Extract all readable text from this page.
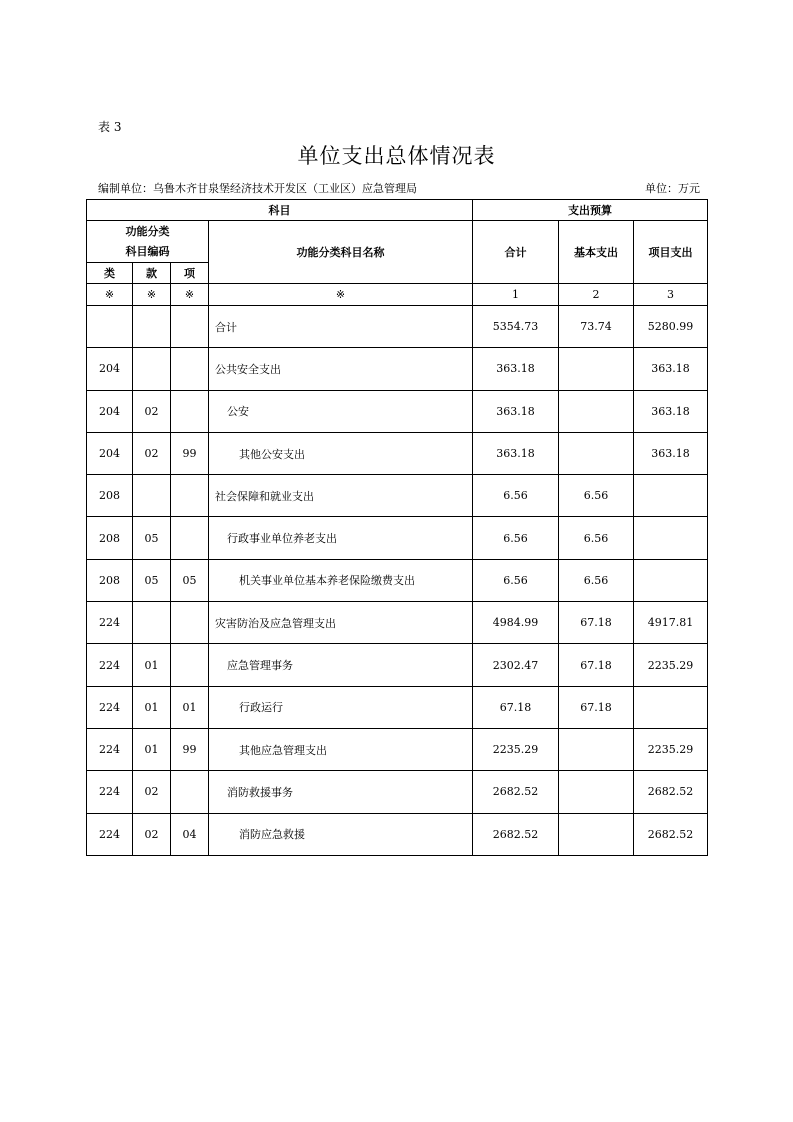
表 3
单位支出总体情况表
编制单位：乌鲁木齐甘泉堡经济技术开发区（工业区）应急管理局	单位：万元
科目				支出预算		
功能分类
科目编码			功能分类科目名称	合计	基本支出	项目支出
类	款	项				
※	※	※	※	1	2	3
			合计	5354.73	73.74	5280.99
204			公共安全支出	363.18		363.18
204	02		公安	363.18		363.18
204	02	99	其他公安支出	363.18		363.18
208			社会保障和就业支出	6.56	6.56	
208	05		行政事业单位养老支出	6.56	6.56	
208	05	05	机关事业单位基本养老保险缴费支出	6.56	6.56	
224			灾害防治及应急管理支出	4984.99	67.18	4917.81
224	01		应急管理事务	2302.47	67.18	2235.29
224	01	01	行政运行	67.18	67.18	
224	01	99	其他应急管理支出	2235.29		2235.29
224	02		消防救援事务	2682.52		2682.52
224	02	04	消防应急救援	2682.52		2682.52
